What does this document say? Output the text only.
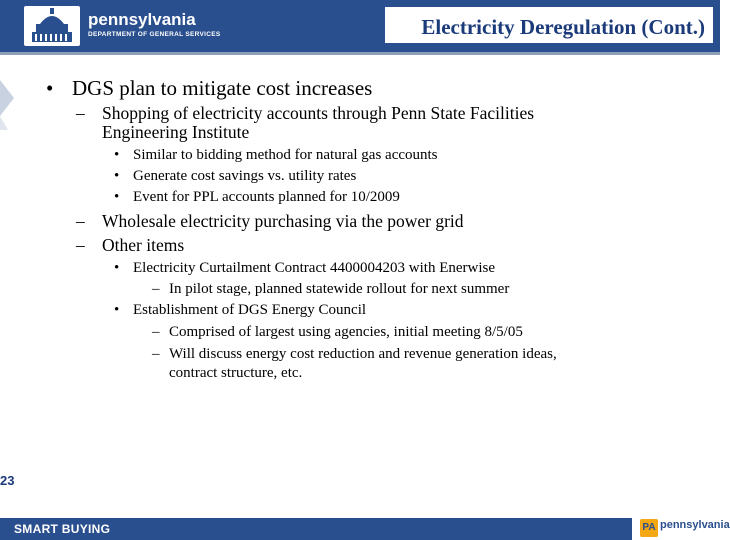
pennsylvania
DEPARTMENT OF GENERAL SERVICES	Electricity Deregulation (Cont.)
• DGS plan to mitigate cost increases
– Shopping of electricity accounts through Penn State Facilities
Engineering Institute
• Similar to bidding method for natural gas accounts
• Generate cost savings vs. utility rates
• Event for PPL accounts planned for 10/2009
– Wholesale electricity purchasing via the power grid
– Other items
• Electricity Curtailment Contract 4400004203 with Enerwise
– In pilot stage, planned statewide rollout for next summer
• Establishment of DGS Energy Council
– Comprised of largest using agencies, initial meeting 8/5/05
– Will discuss energy cost reduction and revenue generation ideas,
contract structure, etc.
23
SMART BUYING	PA pennsylvania
